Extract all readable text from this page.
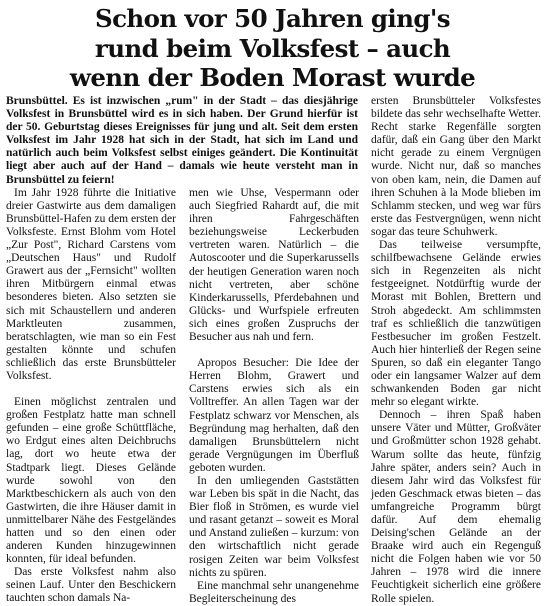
Schon vor 50 Jahren ging's
rund beim Volksfest – auch
wenn der Boden Morast wurde

Brunsbüttel. Es ist inzwischen „rum" in der Stadt – das diesjährige Volksfest in Brunsbüttel wird es in sich haben. Der Grund hierfür ist der 50. Geburtstag dieses Ereignisses für jung und alt. Seit dem ersten Volksfest im Jahr 1928 hat sich in der Stadt, hat sich im Land und natürlich auch beim Volksfest selbst einiges geändert. Die Kontinuität liegt aber auch auf der Hand – damals wie heute versteht man in Brunsbüttel zu feiern!

Im Jahr 1928 führte die Initiative dreier Gastwirte aus dem damaligen Brunsbüttel-Hafen zu dem ersten der Volksfeste. Ernst Blohm vom Hotel „Zur Post", Richard Carstens vom „Deutschen Haus" und Rudolf Grawert aus der „Fernsicht" wollten ihren Mitbürgern einmal etwas besonderes bieten. Also setzten sie sich mit Schaustellern und anderen Marktleuten zusammen, beratschlagten, wie man so ein Fest gestalten könnte und schufen schließlich das erste Brunsbütteler Volksfest.

Einen möglichst zentralen und großen Festplatz hatte man schnell gefunden – eine große Schüttfläche, wo Erdgut eines alten Deichbruchs lag, dort wo heute etwa der Stadtpark liegt. Dieses Gelände wurde sowohl von den Marktbeschickern als auch von den Gastwirten, die ihre Häuser damit in unmittelbarer Nähe des Festgeländes hatten und so den einen oder anderen Kunden hinzugewinnen konnten, für ideal befunden.

Das erste Volksfest nahm also seinen Lauf. Unter den Beschickern tauchten schon damals Na-

men wie Uhse, Vespermann oder auch Siegfried Rahardt auf, die mit ihren Fahrgeschäften beziehungsweise Leckerbuden vertreten waren. Natürlich – die Autoscooter und die Superkarussells der heutigen Generation waren noch nicht vertreten, aber schöne Kinderkarussells, Pferdebahnen und Glücks- und Wurfspiele erfreuten sich eines großen Zuspruchs der Besucher aus nah und fern.

Apropos Besucher: Die Idee der Herren Blohm, Grawert und Carstens erwies sich als ein Volltreffer. An allen Tagen war der Festplatz schwarz vor Menschen, als Begründung mag herhalten, daß den damaligen Brunsbüttelern nicht gerade Vergnügungen im Überfluß geboten wurden.

In den umliegenden Gaststätten war Leben bis spät in die Nacht, das Bier floß in Strömen, es wurde viel und rasant getanzt – soweit es Moral und Anstand zuließen – kurzum: von den wirtschaftlich nicht gerade rosigen Zeiten war beim Volksfest nichts zu spüren.

Eine manchmal sehr unangenehme Begleiterscheinung des

ersten Brunsbütteler Volksfestes bildete das sehr wechselhafte Wetter. Recht starke Regenfälle sorgten dafür, daß ein Gang über den Markt nicht gerade zu einem Vergnügen wurde. Nicht nur, daß so manches von oben kam, nein, die Damen auf ihren Schuhen à la Mode blieben im Schlamm stecken, und weg war fürs erste das Festvergnügen, wenn nicht sogar das teure Schuhwerk.

Das teilweise versumpfte, schilfbewachsene Gelände erwies sich in Regenzeiten als nicht festgeeignet. Notdürftig wurde der Morast mit Bohlen, Brettern und Stroh abgedeckt. Am schlimmsten traf es schließlich die tanzwütigen Festbesucher im großen Festzelt. Auch hier hinterließ der Regen seine Spuren, so daß ein eleganter Tango oder ein langsamer Walzer auf dem schwankenden Boden gar nicht mehr so elegant wirkte.

Dennoch – ihren Spaß haben unsere Väter und Mütter, Großväter und Großmütter schon 1928 gehabt. Warum sollte das heute, fünfzig Jahre später, anders sein? Auch in diesem Jahr wird das Volksfest für jeden Geschmack etwas bieten – das umfangreiche Programm bürgt dafür. Auf dem ehemalig Deising'schen Gelände an der Braake wird auch ein Regenguß nicht die Folgen haben wie vor 50 Jahren – 1978 wird die innere Feuchtigkeit sicherlich eine größere Rolle spielen.
